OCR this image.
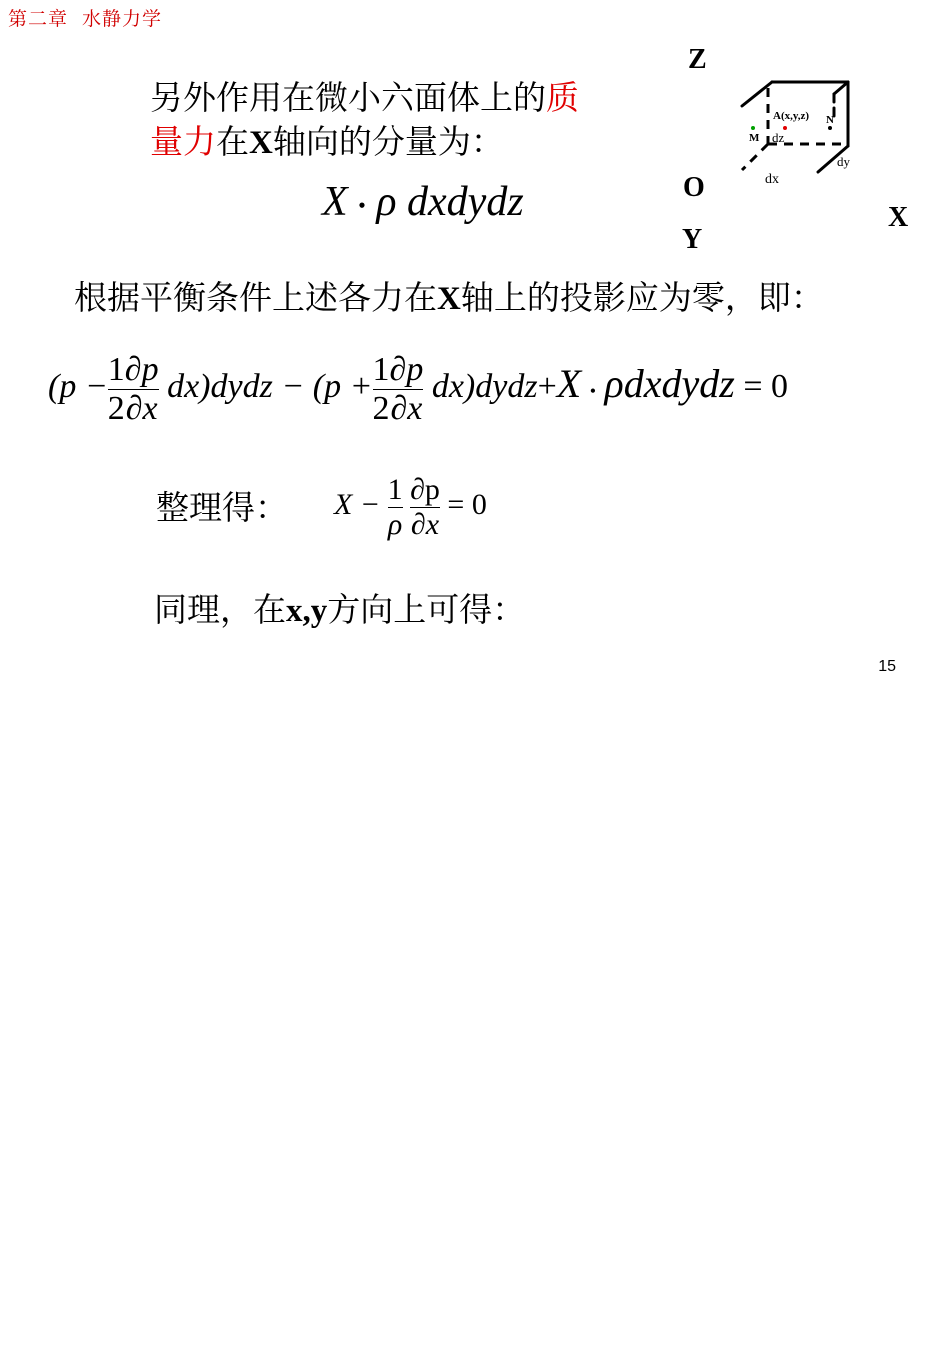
第二章 水静力学
另外作用在微小六面体上的质
量力在X轴向的分量为：
X • ρ dxdydz
Z
O
Y
X
A(x,y,z)
M
N
dz
dy
dx
根据平衡条件上述各力在X轴上的投影应为零，即：
($p - \frac{1}{2} \frac{\partial p}{\partial x}$ dx)dydz − ($p + \frac{1}{2} \frac{\partial p}{\partial x}$ dx)dydz+X • ρdxdydz = 0
整理得： $X - \frac{1}{\rho}$
$\frac{\partial p}{\partial x} = 0$
同理，在x,y方向上可得：
15
